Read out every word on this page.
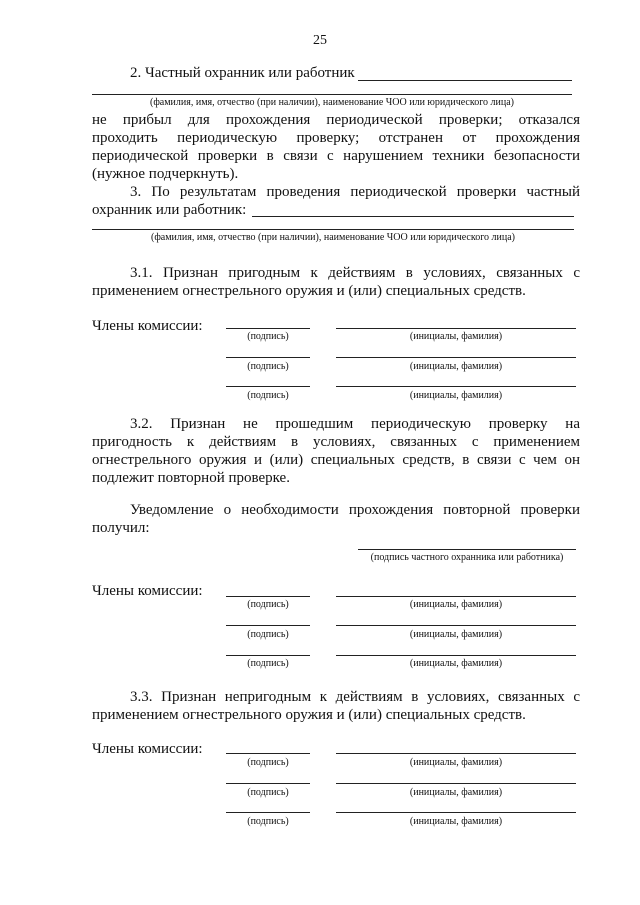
25
2. Частный охранник или работник
(фамилия, имя, отчество (при наличии), наименование ЧОО или юридического лица)
не прибыл для прохождения периодической проверки; отказался
проходить периодическую проверку; отстранен от прохождения
периодической проверки в связи с нарушением техники безопасности
(нужное подчеркнуть).
3. По результатам проведения периодической проверки частный
охранник или работник:
(фамилия, имя, отчество (при наличии), наименование ЧОО или юридического лица)
3.1. Признан пригодным к действиям в условиях, связанных с
применением огнестрельного оружия и (или) специальных средств.
Члены комиссии:
(подпись)	(инициалы, фамилия)
(подпись)	(инициалы, фамилия)
(подпись)	(инициалы, фамилия)
3.2. Признан не прошедшим периодическую проверку на
пригодность к действиям в условиях, связанных с применением
огнестрельного оружия и (или) специальных средств, в связи с чем он
подлежит повторной проверке.
Уведомление о необходимости прохождения повторной проверки
получил:
(подпись частного охранника или работника)
Члены комиссии:
(подпись)	(инициалы, фамилия)
(подпись)	(инициалы, фамилия)
(подпись)	(инициалы, фамилия)
3.3. Признан непригодным к действиям в условиях, связанных с
применением огнестрельного оружия и (или) специальных средств.
Члены комиссии:
(подпись)	(инициалы, фамилия)
(подпись)	(инициалы, фамилия)
(подпись)	(инициалы, фамилия)
